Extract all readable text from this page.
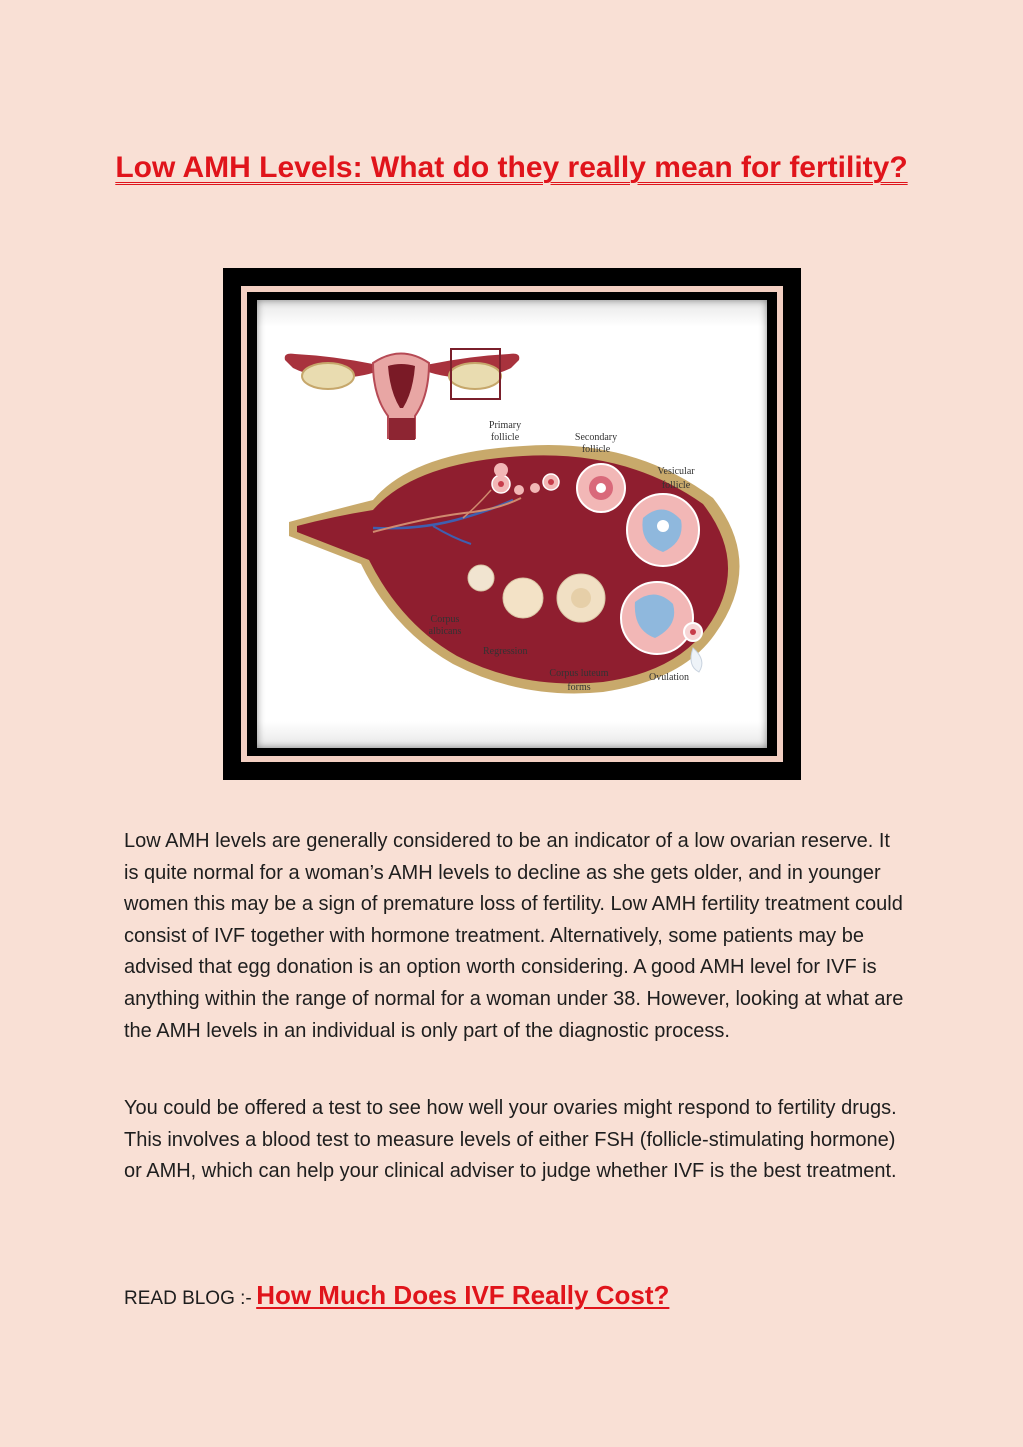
Low AMH Levels: What do they really mean for fertility?
Primary
follicle	Secondary
follicle
Vesicular
follicle
Corpus
albicans
Regression
Corpus luteum
forms
Ovulation

Low AMH levels are generally considered to be an indicator of a low ovarian reserve. It is quite normal for a woman’s AMH levels to decline as she gets older, and in younger women this may be a sign of premature loss of fertility. Low AMH fertility treatment could consist of IVF together with hormone treatment. Alternatively, some patients may be advised that egg donation is an option worth considering. A good AMH level for IVF is anything within the range of normal for a woman under 38. However, looking at what are the AMH levels in an individual is only part of the diagnostic process.

You could be offered a test to see how well your ovaries might respond to fertility drugs. This involves a blood test to measure levels of either FSH (follicle-stimulating hormone) or AMH, which can help your clinical adviser to judge whether IVF is the best treatment.

READ BLOG :- How Much Does IVF Really Cost?
